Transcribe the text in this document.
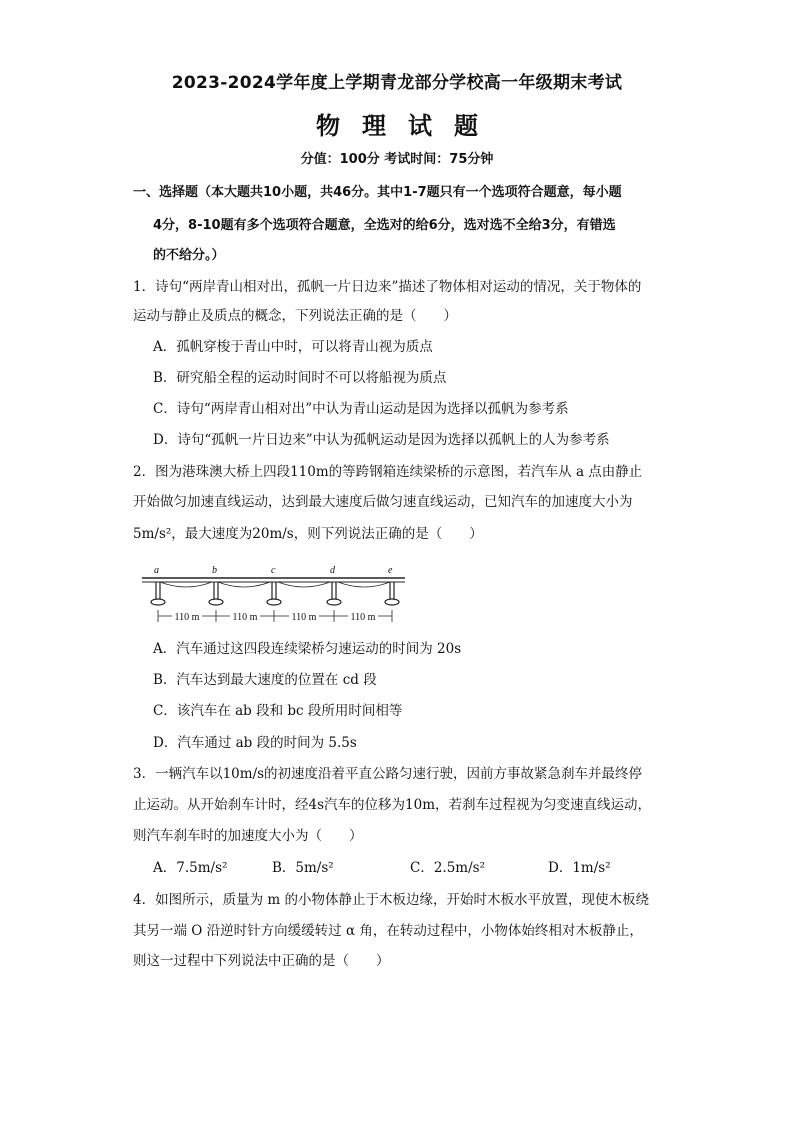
2023-2024学年度上学期青龙部分学校高一年级期末考试
物理试题
分值：100分 考试时间：75分钟
一、选择题（本大题共10小题，共46分。其中1-7题只有一个选项符合题意，每小题
4分，8-10题有多个选项符合题意，全选对的给6分，选对选不全给3分，有错选
的不给分。）
1．诗句“两岸青山相对出，孤帆一片日边来”描述了物体相对运动的情况，关于物体的
运动与静止及质点的概念，下列说法正确的是（　　）
A．孤帆穿梭于青山中时，可以将青山视为质点
B．研究船全程的运动时间时不可以将船视为质点
C．诗句“两岸青山相对出”中认为青山运动是因为选择以孤帆为参考系
D．诗句“孤帆一片日边来”中认为孤帆运动是因为选择以孤帆上的人为参考系
2．图为港珠澳大桥上四段110m的等跨钢箱连续梁桥的示意图，若汽车从 a 点由静止
开始做匀加速直线运动，达到最大速度后做匀速直线运动，已知汽车的加速度大小为
5m/s²，最大速度为20m/s，则下列说法正确的是（　　）
a	b	c	d	e
110 m	110 m	110 m	110 m
A．汽车通过这四段连续梁桥匀速运动的时间为 20s
B．汽车达到最大速度的位置在 cd 段
C．该汽车在 ab 段和 bc 段所用时间相等
D．汽车通过 ab 段的时间为 5.5s
3．一辆汽车以10m/s的初速度沿着平直公路匀速行驶，因前方事故紧急刹车并最终停
止运动。从开始刹车计时，经4s汽车的位移为10m，若刹车过程视为匀变速直线运动，
则汽车刹车时的加速度大小为（　　）
A．7.5m/s²	B．5m/s²	C．2.5m/s²	D．1m/s²
4．如图所示，质量为 m 的小物体静止于木板边缘，开始时木板水平放置，现使木板绕
其另一端 O 沿逆时针方向缓缓转过 α 角，在转动过程中，小物体始终相对木板静止，
则这一过程中下列说法中正确的是（　　）
